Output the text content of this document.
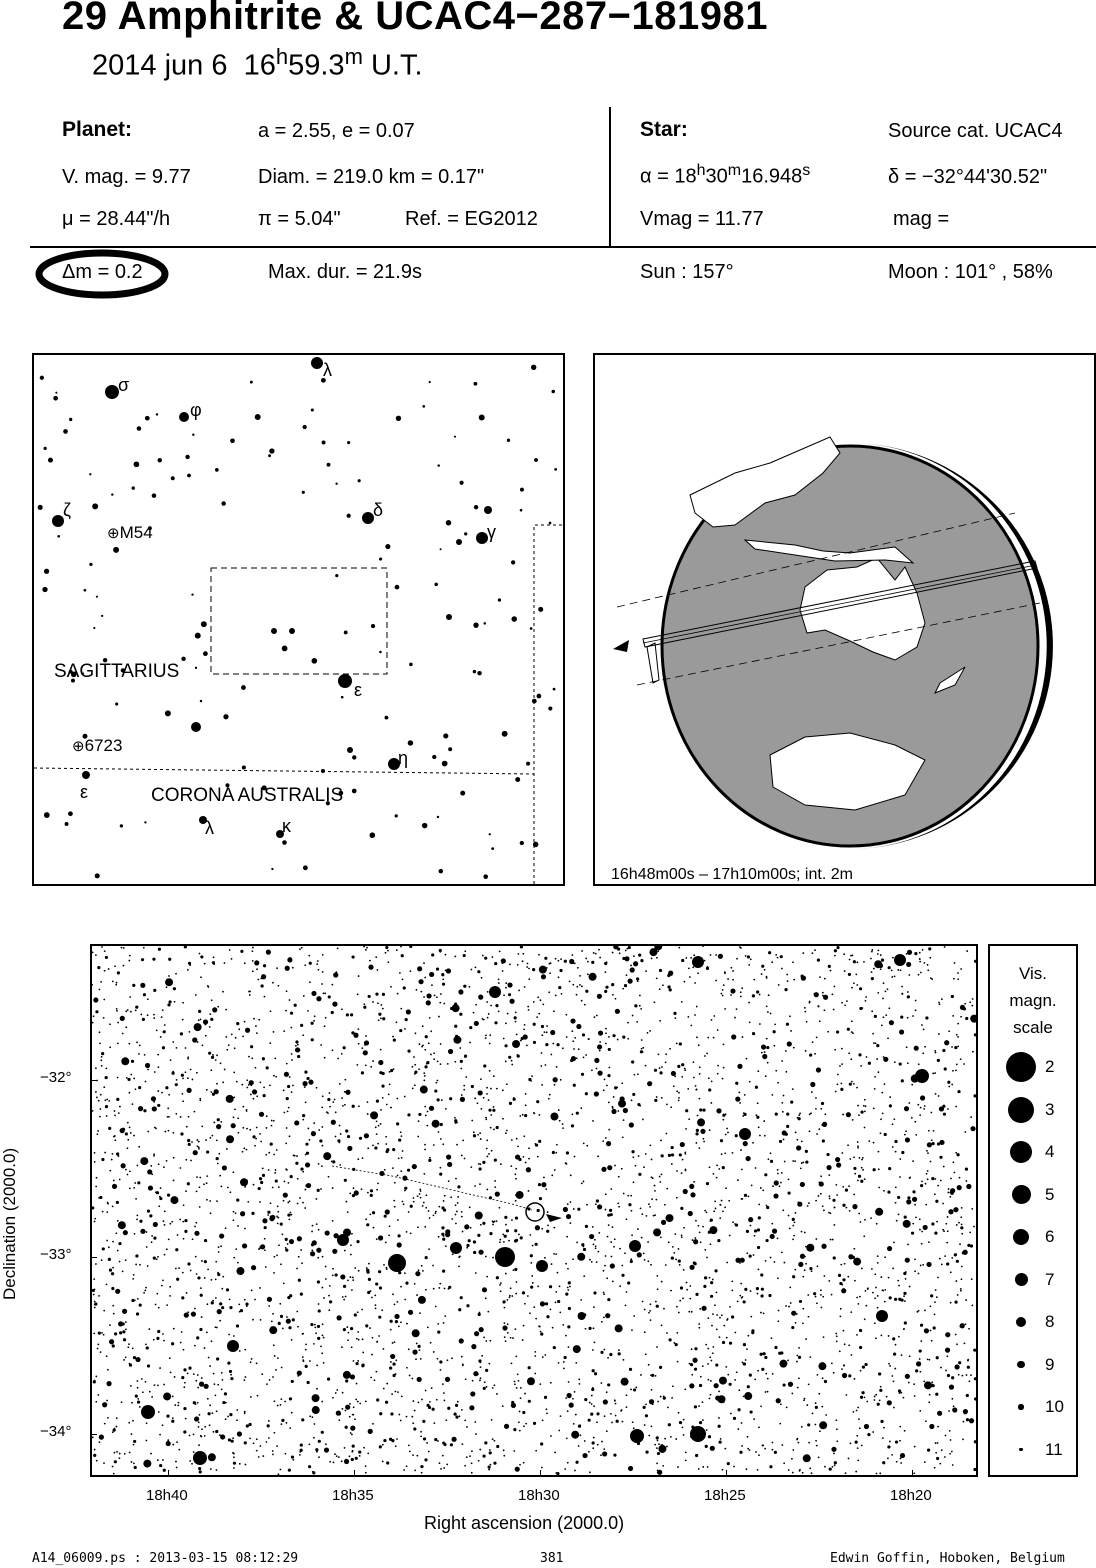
29 Amphitrite & UCAC4−287−181981
2014 jun 6 16$^h$59.3$^m$ U.T.
Planet:	a = 2.55, e = 0.07
V. mag. = 9.77	Diam. = 219.0 km = 0.17"
μ = 28.44"/h	π = 5.04"	Ref. = EG2012
Star:	Source cat. UCAC4
$\alpha = 18^h30^m16.948^s$	δ = −32°44'30.52"
Vmag = 11.77	mag =
Δm = 0.2	Max. dur. = 21.9s	Sun : 157°	Moon : 101° , 58%
SAGITTARIUS
CORONA AUSTRALIS
⊕M54
⊕6723
σ
φ
λ
ζ	δ
γ
ε
η
ε
λ	κ
16h48m00s – 17h10m00s; int. 2m
−32°
−33°
−34°
18h40	18h35	18h30	18h25	18h20
Declination (2000.0)
Right ascension (2000.0)
Vis.
magn.
scale
2
3
4
5
6
7
8
9
10
11
A14_06009.ps : 2013-03-15 08:12:29	381	Edwin Goffin, Hoboken, Belgium
